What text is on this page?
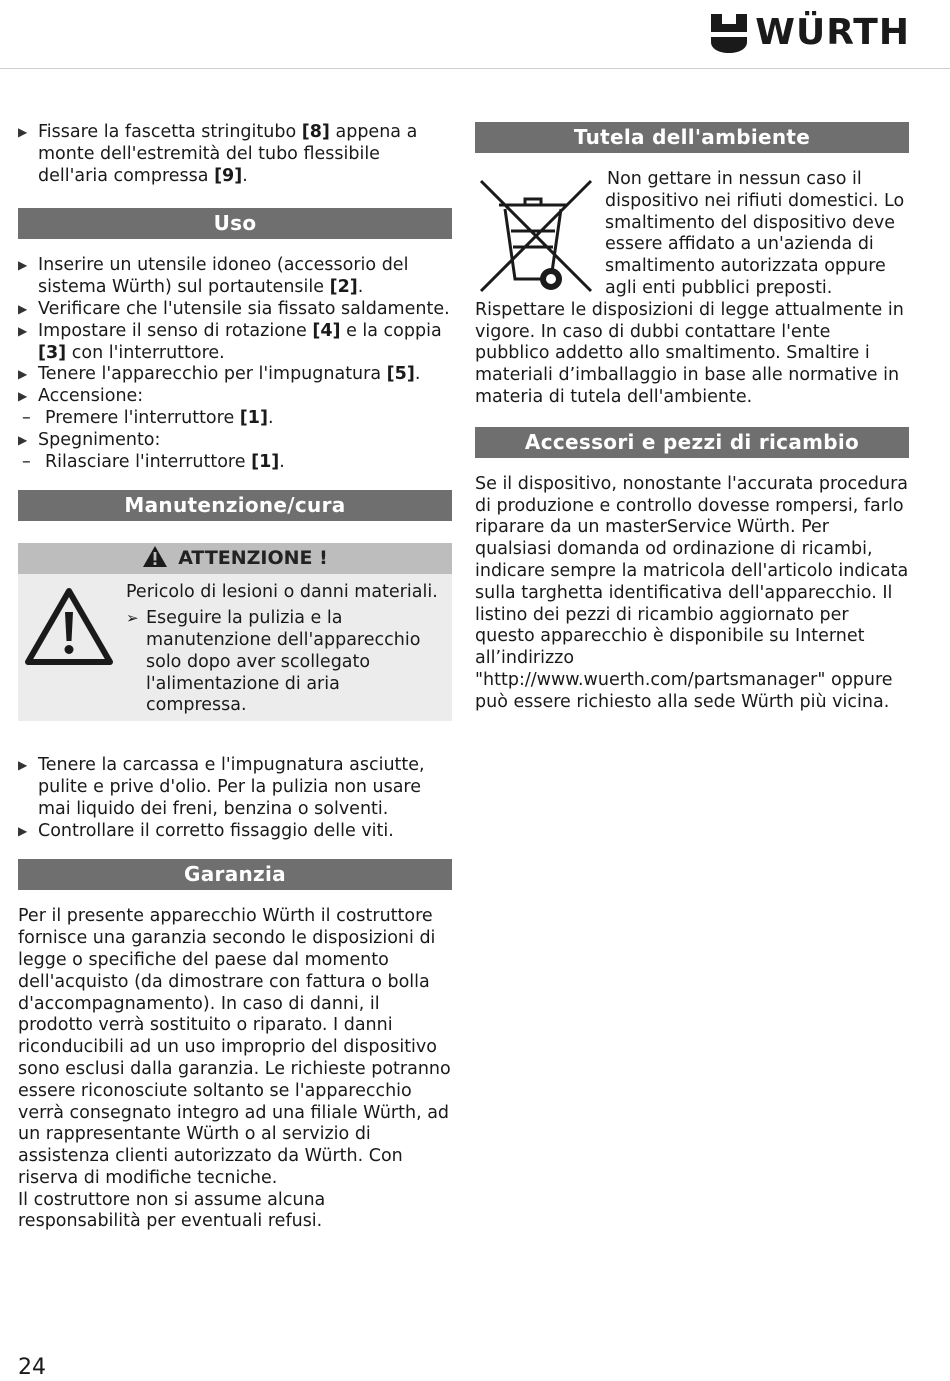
WÜRTH
▶ Fissare la fascetta stringitubo [8] appena a monte dell'estremità del tubo flessibile dell'aria compressa [9].
Uso
▶ Inserire un utensile idoneo (accessorio del sistema Würth) sul portautensile [2].
▶ Verificare che l'utensile sia fissato saldamente.
▶ Impostare il senso di rotazione [4] e la coppia [3] con l'interruttore.
▶ Tenere l'apparecchio per l'impugnatura [5].
▶ Accensione:
– Premere l'interruttore [1].
▶ Spegnimento:
– Rilasciare l'interruttore [1].
Manutenzione/cura
ATTENZIONE !
Pericolo di lesioni o danni materiali.
➢ Eseguire la pulizia e la manutenzione dell'apparecchio solo dopo aver scollegato l'alimentazione di aria compressa.
▶ Tenere la carcassa e l'impugnatura asciutte, pulite e prive d'olio. Per la pulizia non usare mai liquido dei freni, benzina o solventi.
▶ Controllare il corretto fissaggio delle viti.
Garanzia
Per il presente apparecchio Würth il costruttore fornisce una garanzia secondo le disposizioni di legge o specifiche del paese dal momento dell'acquisto (da dimostrare con fattura o bolla d'accompagnamento). In caso di danni, il prodotto verrà sostituito o riparato. I danni riconducibili ad un uso improprio del dispositivo sono esclusi dalla garanzia. Le richieste potranno essere riconosciute soltanto se l'apparecchio verrà consegnato integro ad una filiale Würth, ad un rappresentante Würth o al servizio di assistenza clienti autorizzato da Würth. Con riserva di modifiche tecniche.
Il costruttore non si assume alcuna responsabilità per eventuali refusi.
Tutela dell'ambiente
Non gettare in nessun caso il dispositivo nei rifiuti domestici. Lo smaltimento del dispositivo deve essere affidato a un'azienda di smaltimento autorizzata oppure agli enti pubblici preposti. Rispettare le disposizioni di legge attualmente in vigore. In caso di dubbi contattare l'ente pubblico addetto allo smaltimento. Smaltire i materiali d’imballaggio in base alle normative in materia di tutela dell'ambiente.
Accessori e pezzi di ricambio
Se il dispositivo, nonostante l'accurata procedura di produzione e controllo dovesse rompersi, farlo riparare da un masterService Würth. Per qualsiasi domanda od ordinazione di ricambi, indicare sempre la matricola dell'articolo indicata sulla targhetta identificativa dell'apparecchio. Il listino dei pezzi di ricambio aggiornato per questo apparecchio è disponibile su Internet all’indirizzo "http://www.wuerth.com/partsmanager" oppure può essere richiesto alla sede Würth più vicina.
24
